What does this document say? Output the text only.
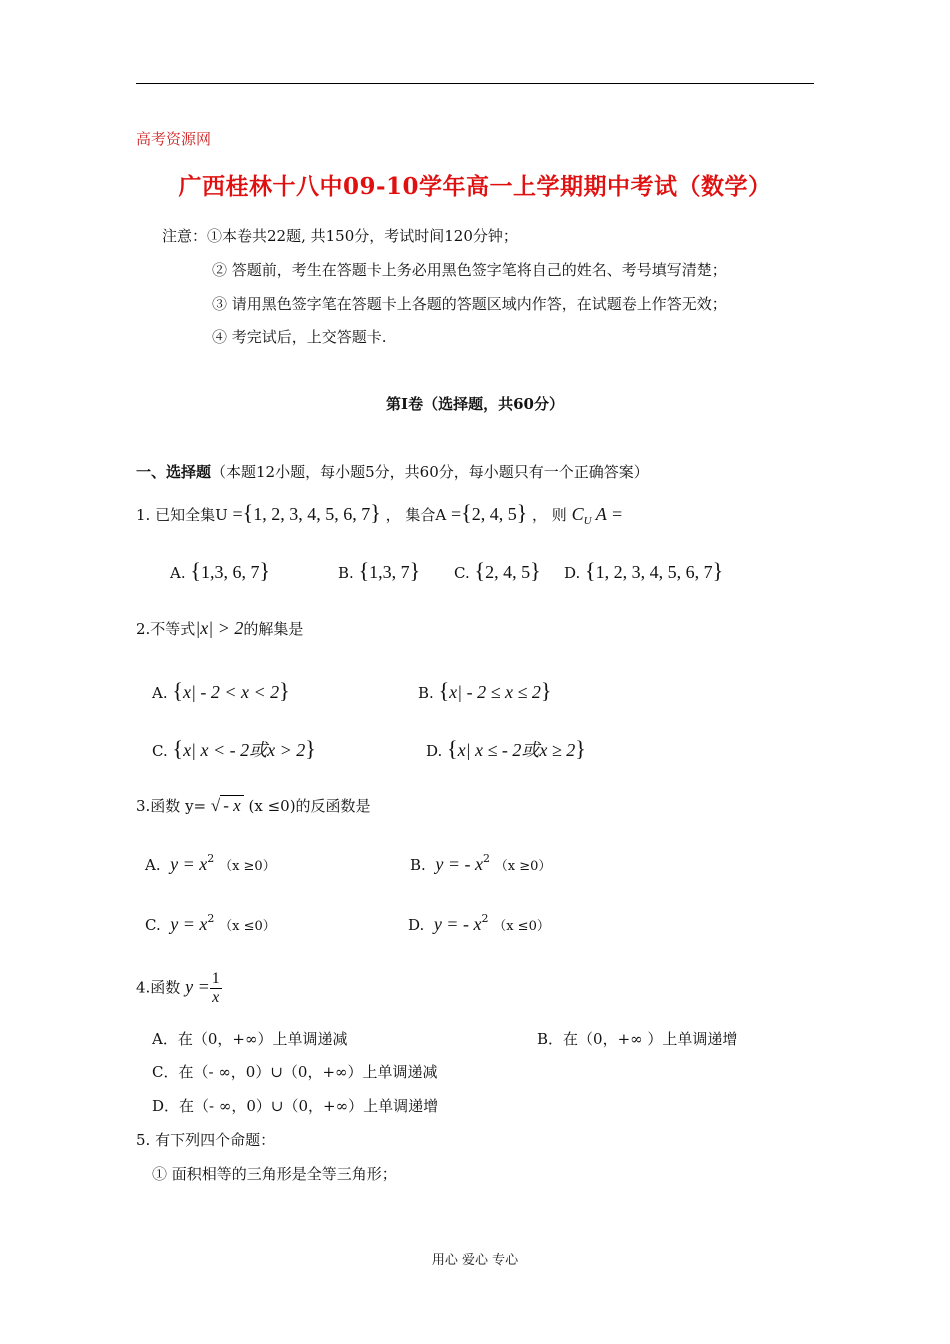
高考资源网
广西桂林十八中09-10学年高一上学期期中考试（数学）
注意：①本卷共22题, 共150分，考试时间120分钟；
② 答题前，考生在答题卡上务必用黑色签字笔将自己的姓名、考号填写清楚；
③ 请用黑色签字笔在答题卡上各题的答题区域内作答，在试题卷上作答无效；
④ 考完试后，上交答题卡.
第I卷（选择题，共60分）
一、选择题（本题12小题，每小题5分，共60分，每小题只有一个正确答案）
1. 已知全集U ={1, 2, 3, 4, 5, 6, 7} ， 集合A ={2, 4, 5} ， 则 $C_U$ A =
A. {1,3, 6, 7}	B. {1,3, 7} C. {2, 4, 5} D. {1, 2, 3, 4, 5, 6, 7}
2.不等式|x| > 2的解集是
A. {x| - 2 < x < 2}	B. {x| - 2 ≤ x ≤ 2}
C. {x| x < - 2或x > 2}	D. {x| x ≤ - 2或x ≥ 2}
3.函数 y= √ - x (x ≤0)的反函数是
A. $y = x^2$ （x ≥0）	B. y = - $x^2$ （x ≥0）
C. $y = x^2$ （x ≤0）	D. y = - $x^2$ （x ≤0）
4.函数 $y = \frac{1}{x}$
A．在（0，+∞）上单调递减	B．在（0，+∞ ）上单调递增
C．在（- ∞，0）∪（0，+∞）上单调递减
D．在（- ∞，0）∪（0，+∞）上单调递增
5. 有下列四个命题：
① 面积相等的三角形是全等三角形；
用心 爱心 专心
